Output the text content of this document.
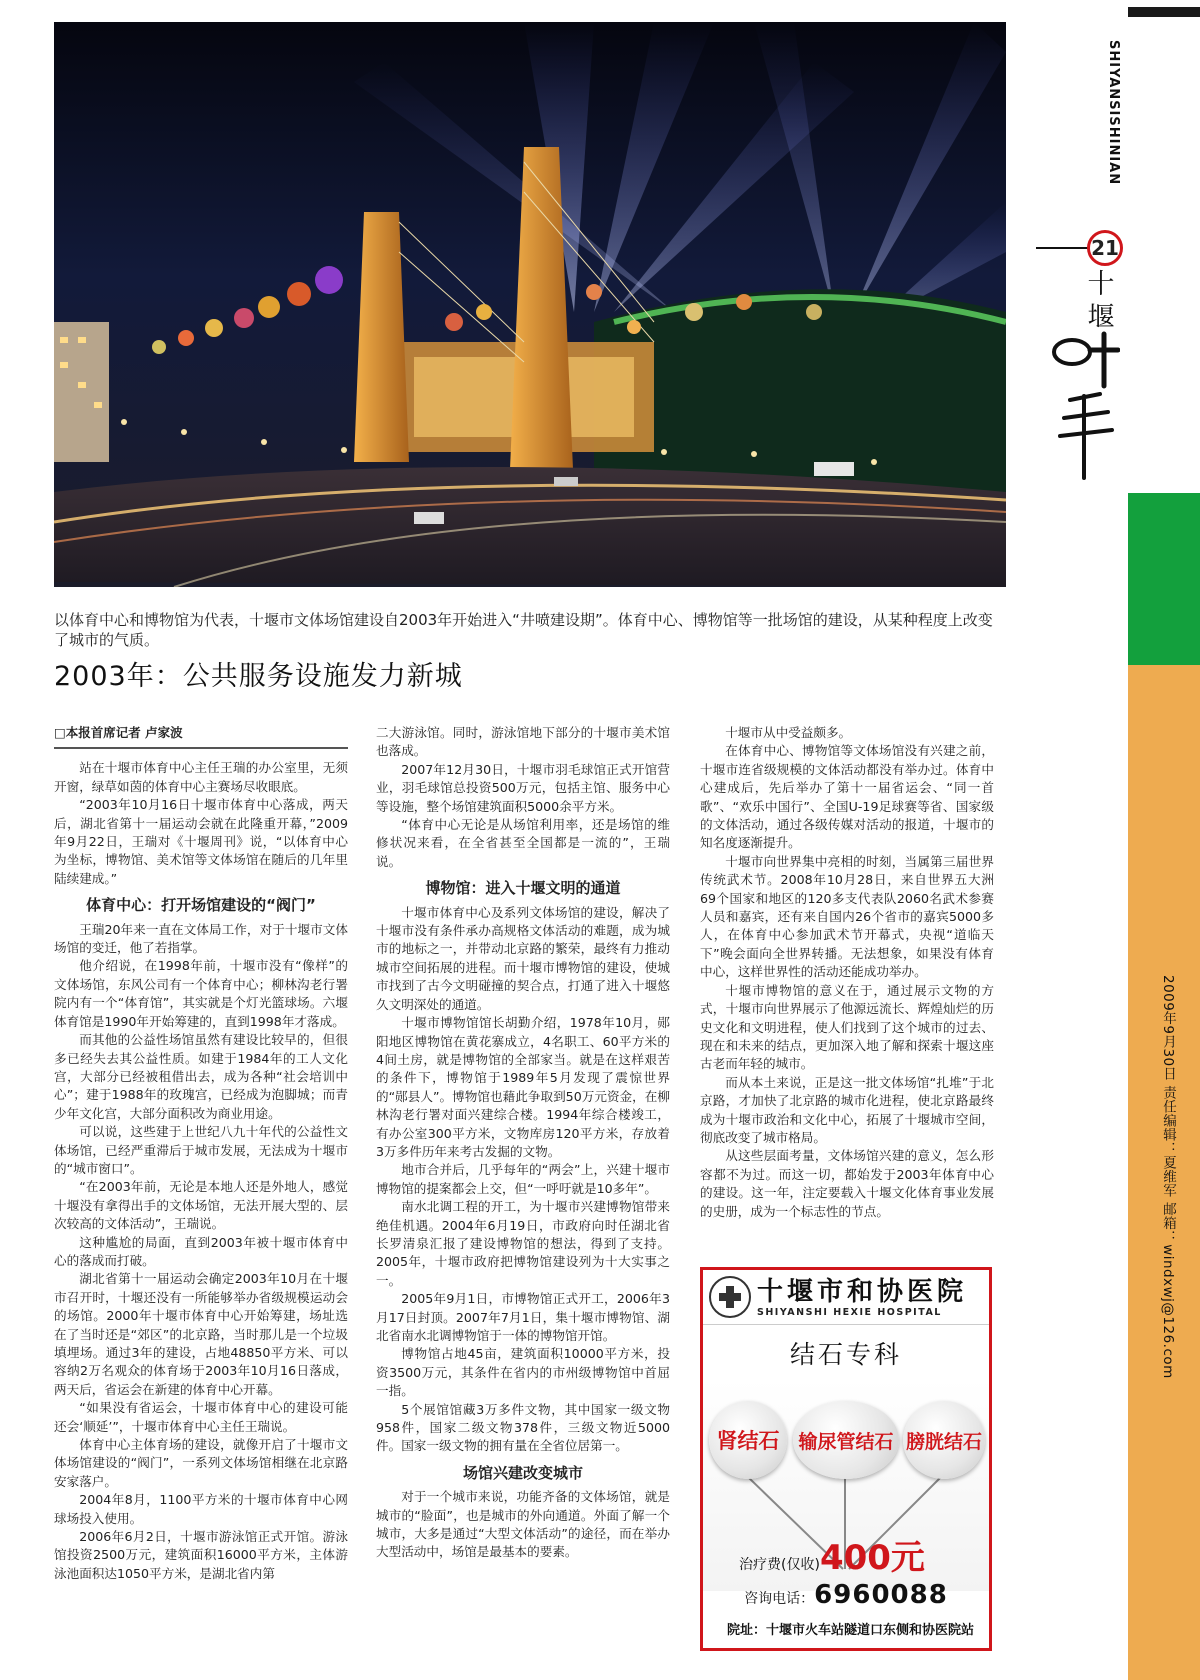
以体育中心和博物馆为代表，十堰市文体场馆建设自2003年开始进入“井喷建设期”。体育中心、博物馆等一批场馆的建设，从某种程度上改变了城市的气质。
2003年：公共服务设施发力新城
□本报首席记者 卢家波

站在十堰市体育中心主任王瑞的办公室里，无须开窗，绿草如茵的体育中心主赛场尽收眼底。

“2003年10月16日十堰市体育中心落成，两天后，湖北省第十一届运动会就在此隆重开幕，”2009年9月22日，王瑞对《十堰周刊》说，“以体育中心为坐标，博物馆、美术馆等文体场馆在随后的几年里陆续建成。”

体育中心：打开场馆建设的“阀门”

王瑞20年来一直在文体局工作，对于十堰市文体场馆的变迁，他了若指掌。

他介绍说，在1998年前，十堰市没有“像样”的文体场馆，东风公司有一个体育中心；柳林沟老行署院内有一个“体育馆”，其实就是个灯光篮球场。六堰体育馆是1990年开始筹建的，直到1998年才落成。

而其他的公益性场馆虽然有建设比较早的，但很多已经失去其公益性质。如建于1984年的工人文化宫，大部分已经被租借出去，成为各种“社会培训中心”；建于1988年的玫瑰宫，已经成为泡脚城；而青少年文化宫，大部分面积改为商业用途。

可以说，这些建于上世纪八九十年代的公益性文体场馆，已经严重滞后于城市发展，无法成为十堰市的“城市窗口”。

“在2003年前，无论是本地人还是外地人，感觉十堰没有拿得出手的文体场馆，无法开展大型的、层次较高的文体活动”，王瑞说。

这种尴尬的局面，直到2003年被十堰市体育中心的落成而打破。

湖北省第十一届运动会确定2003年10月在十堰市召开时，十堰还没有一所能够举办省级规模运动会的场馆。2000年十堰市体育中心开始筹建，场址选在了当时还是“郊区”的北京路，当时那儿是一个垃圾填埋场。通过3年的建设，占地48850平方米、可以容纳2万名观众的体育场于2003年10月16日落成，两天后，省运会在新建的体育中心开幕。

“如果没有省运会，十堰市体育中心的建设可能还会‘顺延’”，十堰市体育中心主任王瑞说。

体育中心主体育场的建设，就像开启了十堰市文体场馆建设的“阀门”，一系列文体场馆相继在北京路安家落户。

2004年8月，1100平方米的十堰市体育中心网球场投入使用。

2006年6月2日，十堰市游泳馆正式开馆。游泳馆投资2500万元，建筑面积16000平方米，主体游泳池面积达1050平方米，是湖北省内第

二大游泳馆。同时，游泳馆地下部分的十堰市美术馆也落成。

2007年12月30日，十堰市羽毛球馆正式开馆营业，羽毛球馆总投资500万元，包括主馆、服务中心等设施，整个场馆建筑面积5000余平方米。

“体育中心无论是从场馆利用率，还是场馆的维修状况来看，在全省甚至全国都是一流的”，王瑞说。

博物馆：进入十堰文明的通道

十堰市体育中心及系列文体场馆的建设，解决了十堰市没有条件承办高规格文体活动的难题，成为城市的地标之一，并带动北京路的繁荣，最终有力推动城市空间拓展的进程。而十堰市博物馆的建设，使城市找到了古今文明碰撞的契合点，打通了进入十堰悠久文明深处的通道。

十堰市博物馆馆长胡勤介绍，1978年10月，郧阳地区博物馆在黄花寨成立，4名职工、60平方米的4间土房，就是博物馆的全部家当。就是在这样艰苦的条件下，博物馆于1989年5月发现了震惊世界的“郧县人”。博物馆也藉此争取到50万元资金，在柳林沟老行署对面兴建综合楼。1994年综合楼竣工，有办公室300平方米，文物库房120平方米，存放着3万多件历年来考古发掘的文物。

地市合并后，几乎每年的“两会”上，兴建十堰市博物馆的提案都会上交，但“一呼吁就是10多年”。

南水北调工程的开工，为十堰市兴建博物馆带来绝佳机遇。2004年6月19日，市政府向时任湖北省长罗清泉汇报了建设博物馆的想法，得到了支持。2005年，十堰市政府把博物馆建设列为十大实事之一。

2005年9月1日，市博物馆正式开工，2006年3月17日封顶。2007年7月1日，集十堰市博物馆、湖北省南水北调博物馆于一体的博物馆开馆。

博物馆占地45亩，建筑面积10000平方米，投资3500万元，其条件在省内的市州级博物馆中首屈一指。

5个展馆馆藏3万多件文物，其中国家一级文物958件，国家二级文物378件，三级文物近5000件。国家一级文物的拥有量在全省位居第一。

场馆兴建改变城市

对于一个城市来说，功能齐备的文体场馆，就是城市的“脸面”，也是城市的外向通道。外面了解一个城市，大多是通过“大型文体活动”的途径，而在举办大型活动中，场馆是最基本的要素。

十堰市从中受益颇多。

在体育中心、博物馆等文体场馆没有兴建之前，十堰市连省级规模的文体活动都没有举办过。体育中心建成后，先后举办了第十一届省运会、“同一首歌”、“欢乐中国行”、全国U-19足球赛等省、国家级的文体活动，通过各级传媒对活动的报道，十堰市的知名度逐渐提升。

十堰市向世界集中亮相的时刻，当属第三届世界传统武术节。2008年10月28日，来自世界五大洲69个国家和地区的120多支代表队2060名武术参赛人员和嘉宾，还有来自国内26个省市的嘉宾5000多人，在体育中心参加武术节开幕式，央视“道临天下”晚会面向全世界转播。无法想象，如果没有体育中心，这样世界性的活动还能成功举办。

十堰市博物馆的意义在于，通过展示文物的方式，十堰市向世界展示了他源远流长、辉煌灿烂的历史文化和文明进程，使人们找到了这个城市的过去、现在和未来的结点，更加深入地了解和探索十堰这座古老而年轻的城市。

而从本土来说，正是这一批文体场馆“扎堆”于北京路，才加快了北京路的城市化进程，使北京路最终成为十堰市政治和文化中心，拓展了十堰城市空间，彻底改变了城市格局。

从这些层面考量，文体场馆兴建的意义，怎么形容都不为过。而这一切，都始发于2003年体育中心的建设。这一年，注定要载入十堰文化体育事业发展的史册，成为一个标志性的节点。

十堰市和协医院
SHIYANSHI HEXIE HOSPITAL
结石专科
肾结石 输尿管结石 膀胱结石
治疗费(仅收)400元
咨询电话：6960088
院址：十堰市火车站隧道口东侧和协医院站
SHIYANSISHINIAN
21
十堰
2009年9月30日 责任编辑：夏维军 邮箱：windxwj@126.com
